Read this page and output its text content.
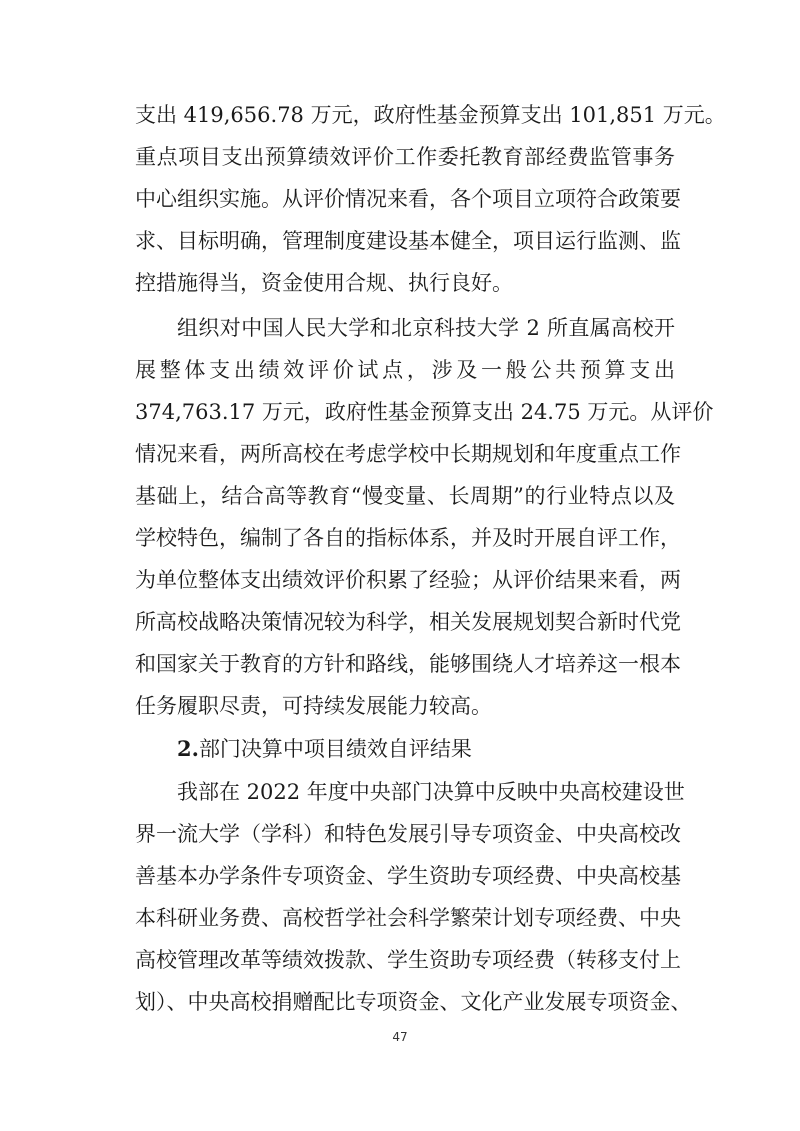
支出 419,656.78 万元，政府性基金预算支出 101,851 万元。
重点项目支出预算绩效评价工作委托教育部经费监管事务
中心组织实施。从评价情况来看，各个项目立项符合政策要
求、目标明确，管理制度建设基本健全，项目运行监测、监
控措施得当，资金使用合规、执行良好。
组织对中国人民大学和北京科技大学 2 所直属高校开
展整体支出绩效评价试点，涉及一般公共预算支出
374,763.17 万元，政府性基金预算支出 24.75 万元。从评价
情况来看，两所高校在考虑学校中长期规划和年度重点工作
基础上，结合高等教育“慢变量、长周期”的行业特点以及
学校特色，编制了各自的指标体系，并及时开展自评工作，
为单位整体支出绩效评价积累了经验；从评价结果来看，两
所高校战略决策情况较为科学，相关发展规划契合新时代党
和国家关于教育的方针和路线，能够围绕人才培养这一根本
任务履职尽责，可持续发展能力较高。
2.部门决算中项目绩效自评结果
我部在 2022 年度中央部门决算中反映中央高校建设世
界一流大学（学科）和特色发展引导专项资金、中央高校改
善基本办学条件专项资金、学生资助专项经费、中央高校基
本科研业务费、高校哲学社会科学繁荣计划专项经费、中央
高校管理改革等绩效拨款、学生资助专项经费（转移支付上
划）、中央高校捐赠配比专项资金、文化产业发展专项资金、
47
